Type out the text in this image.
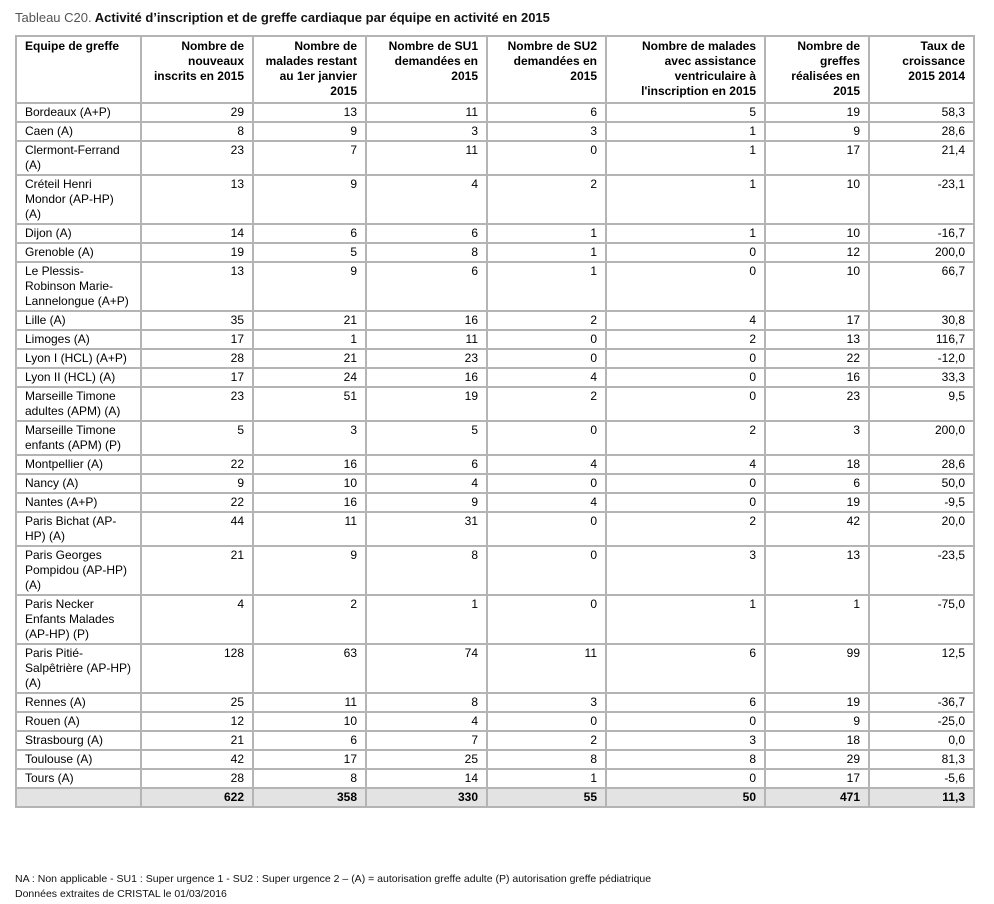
Tableau C20. Activité d’inscription et de greffe cardiaque par équipe en activité en 2015
Equipe de greffe	Nombre de nouveaux inscrits en 2015	Nombre de malades restant au 1er janvier 2015	Nombre de SU1 demandées en 2015	Nombre de SU2 demandées en 2015	Nombre de malades avec assistance ventriculaire à l'inscription en 2015	Nombre de greffes réalisées en 2015	Taux de croissance 2015 2014
Bordeaux (A+P)	29	13	11	6	5	19	58,3
Caen (A)	8	9	3	3	1	9	28,6
Clermont-Ferrand (A)	23	7	11	0	1	17	21,4
Créteil Henri Mondor (AP-HP) (A)	13	9	4	2	1	10	-23,1
Dijon (A)	14	6	6	1	1	10	-16,7
Grenoble (A)	19	5	8	1	0	12	200,0
Le Plessis-Robinson Marie-Lannelongue (A+P)	13	9	6	1	0	10	66,7
Lille (A)	35	21	16	2	4	17	30,8
Limoges (A)	17	1	11	0	2	13	116,7
Lyon I (HCL) (A+P)	28	21	23	0	0	22	-12,0
Lyon II (HCL) (A)	17	24	16	4	0	16	33,3
Marseille Timone adultes (APM) (A)	23	51	19	2	0	23	9,5
Marseille Timone enfants (APM) (P)	5	3	5	0	2	3	200,0
Montpellier (A)	22	16	6	4	4	18	28,6
Nancy (A)	9	10	4	0	0	6	50,0
Nantes (A+P)	22	16	9	4	0	19	-9,5
Paris Bichat (AP-HP) (A)	44	11	31	0	2	42	20,0
Paris Georges Pompidou (AP-HP) (A)	21	9	8	0	3	13	-23,5
Paris Necker Enfants Malades (AP-HP) (P)	4	2	1	0	1	1	-75,0
Paris Pitié-Salpêtrière (AP-HP) (A)	128	63	74	11	6	99	12,5
Rennes (A)	25	11	8	3	6	19	-36,7
Rouen (A)	12	10	4	0	0	9	-25,0
Strasbourg (A)	21	6	7	2	3	18	0,0
Toulouse (A)	42	17	25	8	8	29	81,3
Tours (A)	28	8	14	1	0	17	-5,6
	622	358	330	55	50	471	11,3
NA : Non applicable - SU1 : Super urgence 1 - SU2 : Super urgence 2 – (A) = autorisation greffe adulte (P) autorisation greffe pédiatrique
Données extraites de CRISTAL le 01/03/2016
